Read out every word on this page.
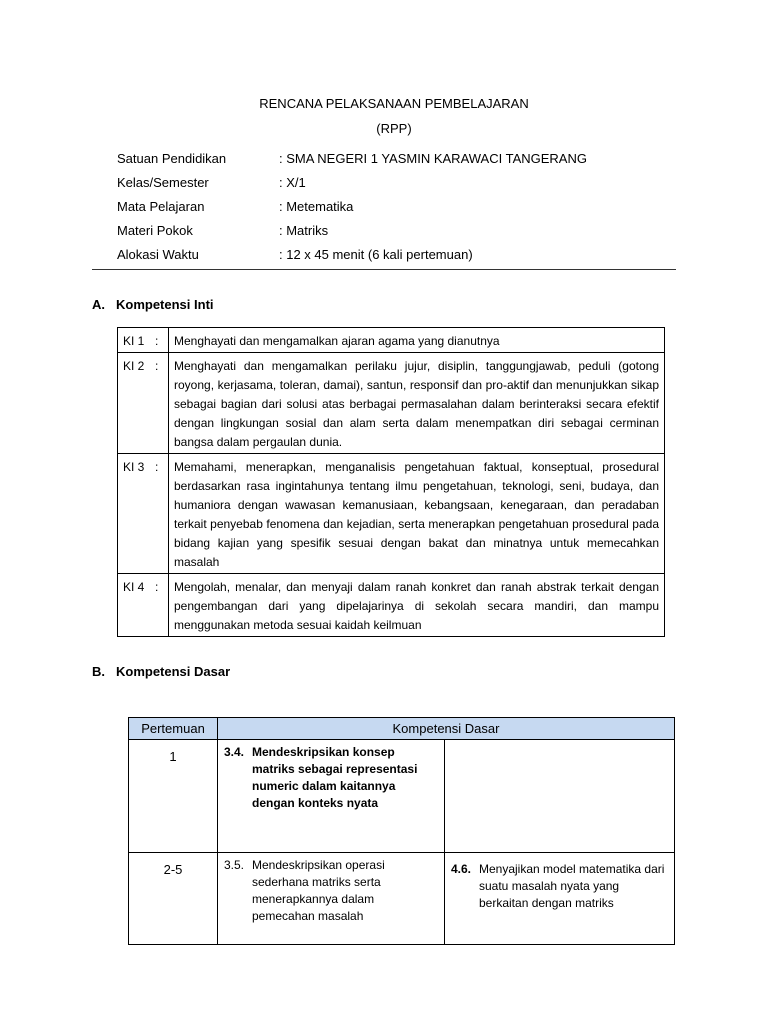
RENCANA PELAKSANAAN PEMBELAJARAN
(RPP)
Satuan Pendidikan	: SMA NEGERI 1 YASMIN KARAWACI TANGERANG
Kelas/Semester	: X/1
Mata Pelajaran	: Metematika
Materi Pokok	: Matriks
Alokasi Waktu	: 12 x 45 menit (6 kali pertemuan)
A. Kompetensi Inti
KI 1	:	Menghayati dan mengamalkan ajaran agama yang dianutnya
KI 2	:	Menghayati dan mengamalkan perilaku jujur, disiplin, tanggungjawab, peduli (gotong royong, kerjasama, toleran, damai), santun, responsif dan pro-aktif dan menunjukkan sikap sebagai bagian dari solusi atas berbagai permasalahan dalam berinteraksi secara efektif dengan lingkungan sosial dan alam serta dalam menempatkan diri sebagai cerminan bangsa dalam pergaulan dunia.
KI 3	:	Memahami, menerapkan, menganalisis pengetahuan faktual, konseptual, prosedural berdasarkan rasa ingintahunya tentang ilmu pengetahuan, teknologi, seni, budaya, dan humaniora dengan wawasan kemanusiaan, kebangsaan, kenegaraan, dan peradaban terkait penyebab fenomena dan kejadian, serta menerapkan pengetahuan prosedural pada bidang kajian yang spesifik sesuai dengan bakat dan minatnya untuk memecahkan masalah
KI 4	:	Mengolah, menalar, dan menyaji dalam ranah konkret dan ranah abstrak terkait dengan pengembangan dari yang dipelajarinya di sekolah secara mandiri, dan mampu menggunakan metoda sesuai kaidah keilmuan
B. Kompetensi Dasar
Pertemuan	Kompetensi Dasar	
1	3.4. Mendeskripsikan konsep matriks sebagai representasi numeric dalam kaitannya dengan konteks nyata	

2-5	3.5. Mendeskripsikan operasi sederhana matriks serta menerapkannya dalam pemecahan masalah	4.6. Menyajikan model matematika dari suatu masalah nyata yang berkaitan dengan matriks
